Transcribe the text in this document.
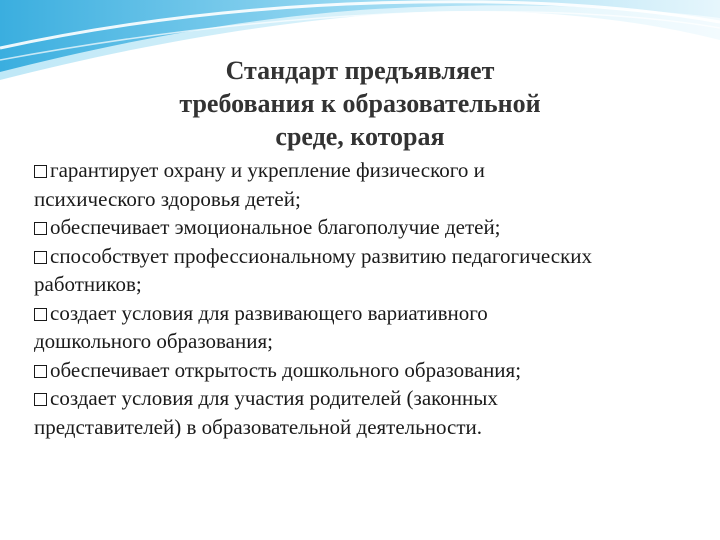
Стандарт предъявляет
требования к образовательной
среде, которая

гарантирует охрану и укрепление физического и психического здоровья детей;

обеспечивает эмоциональное благополучие детей;

способствует профессиональному развитию педагогических работников;

создает условия для развивающего вариативного дошкольного образования;

обеспечивает открытость дошкольного образования;

создает условия для участия родителей (законных представителей) в образовательной деятельности.
